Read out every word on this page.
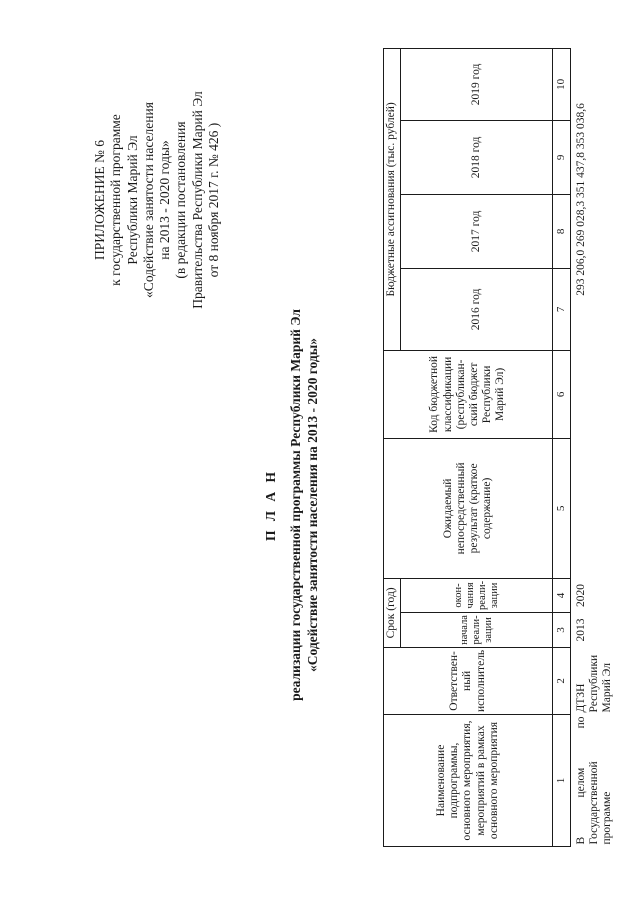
ПРИЛОЖЕНИЕ № 6 к государственной программе Республики Марий Эл «Содействие занятости населения на 2013 - 2020 годы» (в редакции постановления Правительства Республики Марий Эл от 8 ноября 2017 г. № 426 )
П Л А Н реализации государственной программы Республики Марий Эл «Содействие занятости населения на 2013 - 2020 годы»
Наименование подпрограммы, основного мероприятия, мероприятий в рамках основного мероприятия	Ответствен- ный исполнитель	Срок (год)		Ожидаемый непосредственный результат (краткое содержание)	Код бюджетной классификации (республикан- ский бюджет Республики Марий Эл)	Бюджетные ассигнования (тыс. рублей)			
		начала реали- зации	окон- чания реали- зации			2016 год	2017 год	2018 год	2019 год
1	2	3	4	5	6	7	8	9	10

В
целом
по
Государственной программе	ДТЗН Республики Марий Эл	2013	2020			293 206,0 269 028,3 351 437,8 353 038,6			
